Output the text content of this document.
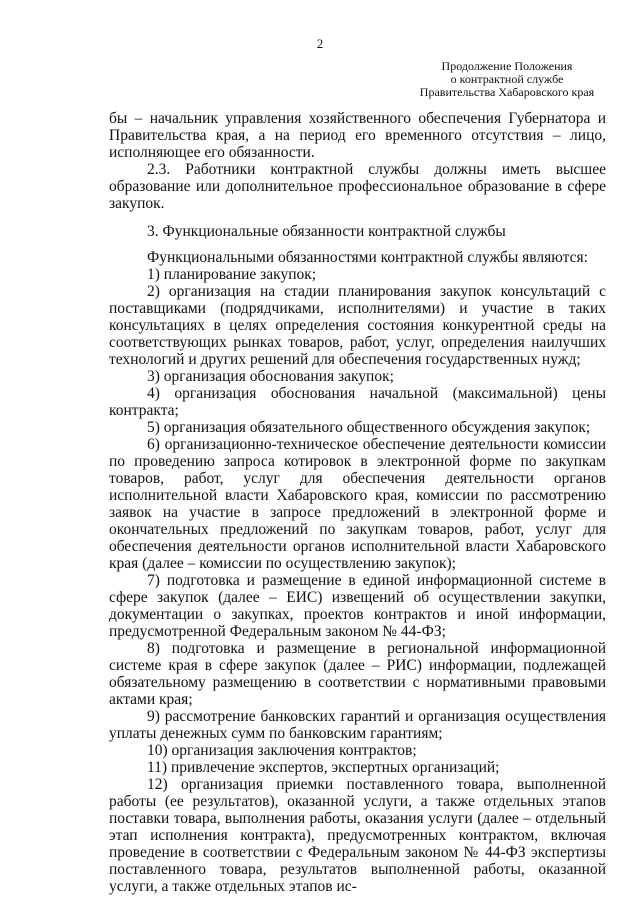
2
Продолжение Положения
о контрактной службе
Правительства Хабаровского края

бы – начальник управления хозяйственного обеспечения Губернатора и Правительства края, а на период его временного отсутствия – лицо, исполняющее его обязанности.

2.3. Работники контрактной службы должны иметь высшее образование или дополнительное профессиональное образование в сфере закупок.

3. Функциональные обязанности контрактной службы

Функциональными обязанностями контрактной службы являются:

1) планирование закупок;

2) организация на стадии планирования закупок консультаций с поставщиками (подрядчиками, исполнителями) и участие в таких консультациях в целях определения состояния конкурентной среды на соответствующих рынках товаров, работ, услуг, определения наилучших технологий и других решений для обеспечения государственных нужд;

3) организация обоснования закупок;

4) организация обоснования начальной (максимальной) цены контракта;

5) организация обязательного общественного обсуждения закупок;

6) организационно-техническое обеспечение деятельности комиссии по проведению запроса котировок в электронной форме по закупкам товаров, работ, услуг для обеспечения деятельности органов исполнительной власти Хабаровского края, комиссии по рассмотрению заявок на участие в запросе предложений в электронной форме и окончательных предложений по закупкам товаров, работ, услуг для обеспечения деятельности органов исполнительной власти Хабаровского края (далее – комиссии по осуществлению закупок);

7) подготовка и размещение в единой информационной системе в сфере закупок (далее – ЕИС) извещений об осуществлении закупки, документации о закупках, проектов контрактов и иной информации, предусмотренной Федеральным законом № 44-ФЗ;

8) подготовка и размещение в региональной информационной системе края в сфере закупок (далее – РИС) информации, подлежащей обязательному размещению в соответствии с нормативными правовыми актами края;

9) рассмотрение банковских гарантий и организация осуществления уплаты денежных сумм по банковским гарантиям;

10) организация заключения контрактов;

11) привлечение экспертов, экспертных организаций;

12) организация приемки поставленного товара, выполненной работы (ее результатов), оказанной услуги, а также отдельных этапов поставки товара, выполнения работы, оказания услуги (далее – отдельный этап исполнения контракта), предусмотренных контрактом, включая проведение в соответствии с Федеральным законом № 44-ФЗ экспертизы поставленного товара, результатов выполненной работы, оказанной услуги, а также отдельных этапов ис-
